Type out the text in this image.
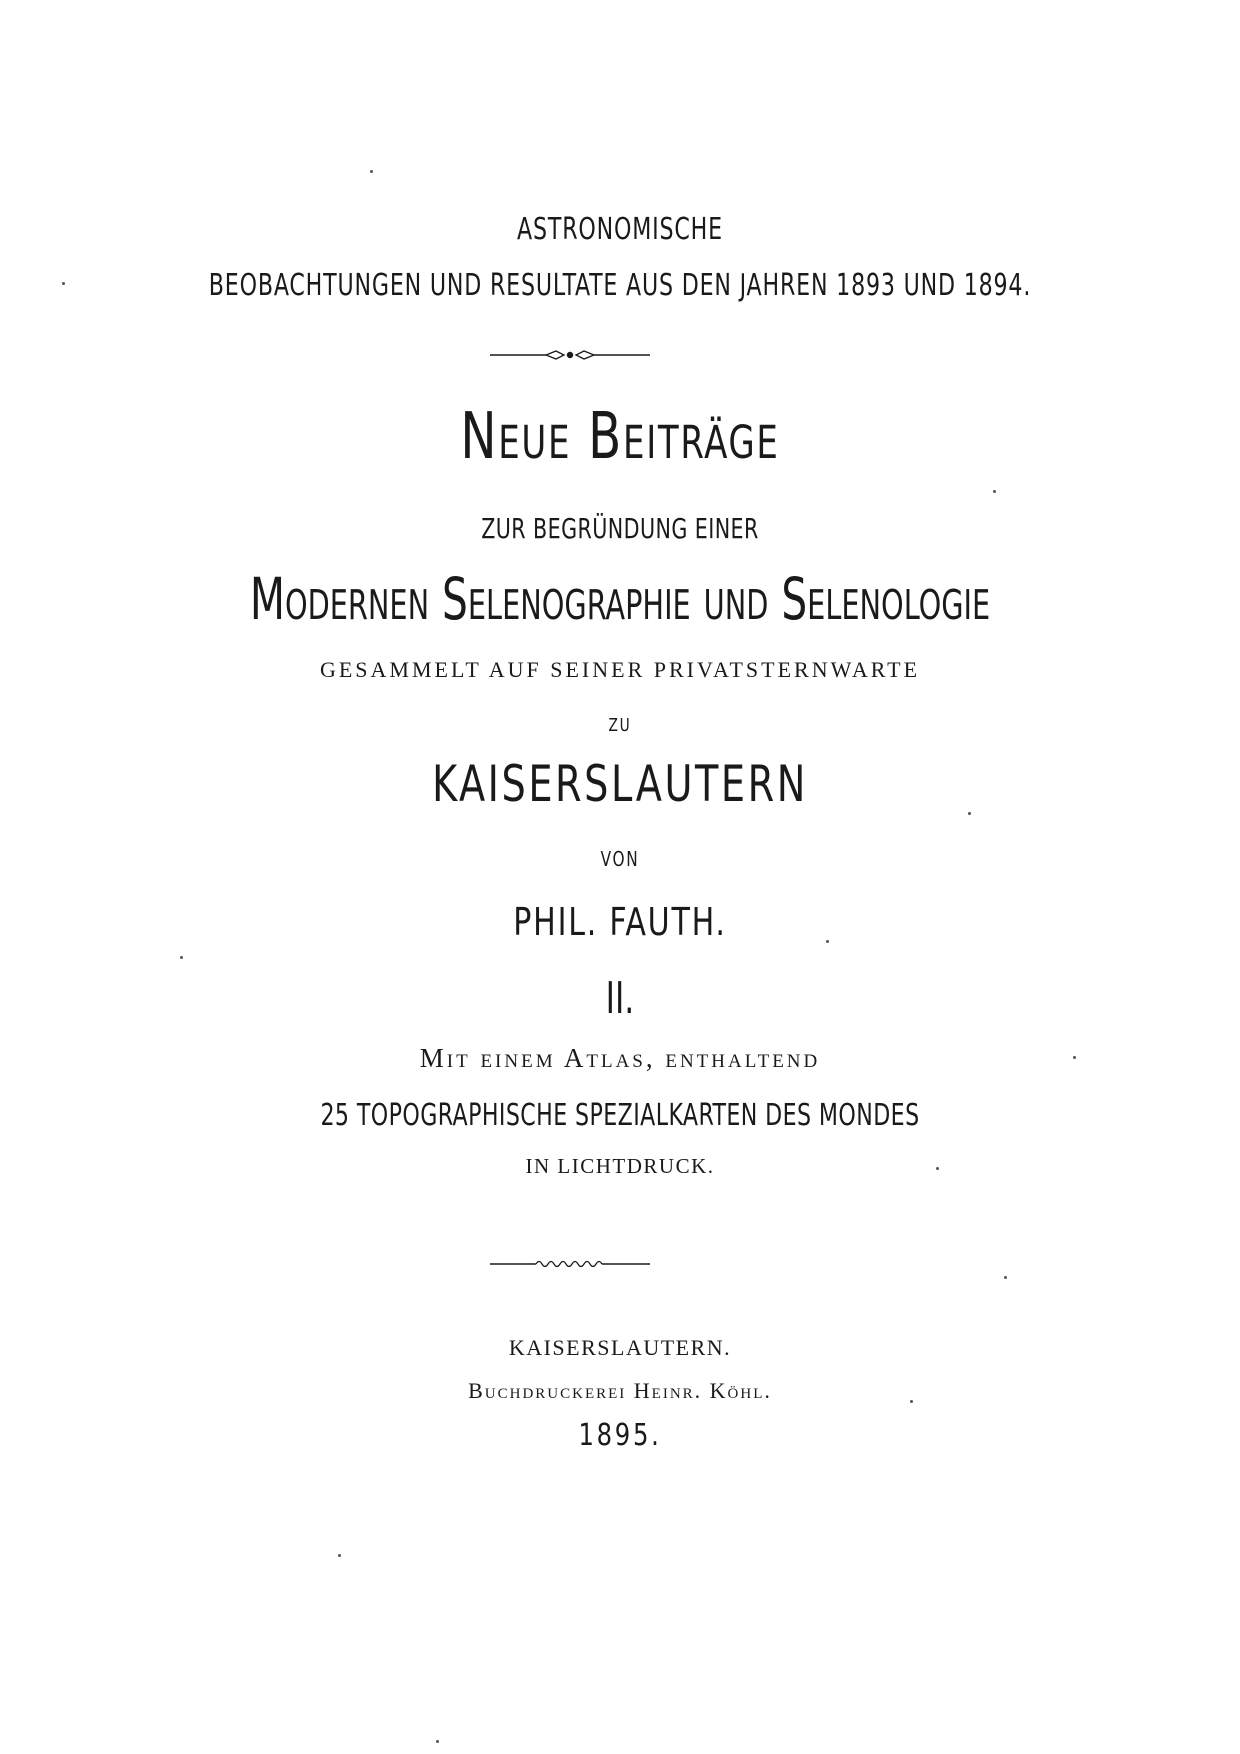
ASTRONOMISCHE
BEOBACHTUNGEN UND RESULTATE AUS DEN JAHREN 1893 UND 1894.
Neue Beiträge
ZUR BEGRÜNDUNG EINER
Modernen Selenographie und Selenologie
GESAMMELT AUF SEINER PRIVATSTERNWARTE
ZU
KAISERSLAUTERN
VON
PHIL. FAUTH.
II.
Mit einem Atlas, enthaltend
25 TOPOGRAPHISCHE SPEZIALKARTEN DES MONDES
IN LICHTDRUCK.
KAISERSLAUTERN.
Buchdruckerei Heinr. Köhl.
1895.
